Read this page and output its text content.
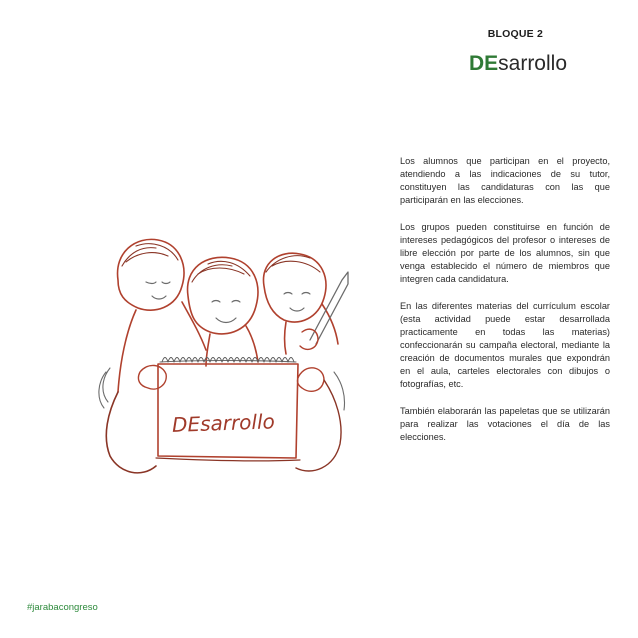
BLOQUE 2
DEsarrollo

Los alumnos que participan en el proyecto, atendiendo a las indicaciones de su tutor, constituyen las candidaturas con las que participarán en las elecciones.

Los grupos pueden constituirse en función de intereses pedagógicos del profesor o intereses de libre elección por parte de los alumnos, sin que venga establecido el número de miembros que integren cada candidatura.

En las diferentes materias del currículum escolar (esta actividad puede estar desarrollada practicamente en todas las materias) confeccionarán su campaña electoral, mediante la creación de documentos murales que expondrán en el aula, carteles electorales con dibujos o fotografías, etc.

También elaborarán las papeletas que se utilizarán para realizar las votaciones el día de las elecciones.

DEsarrollo
#jarabacongreso
